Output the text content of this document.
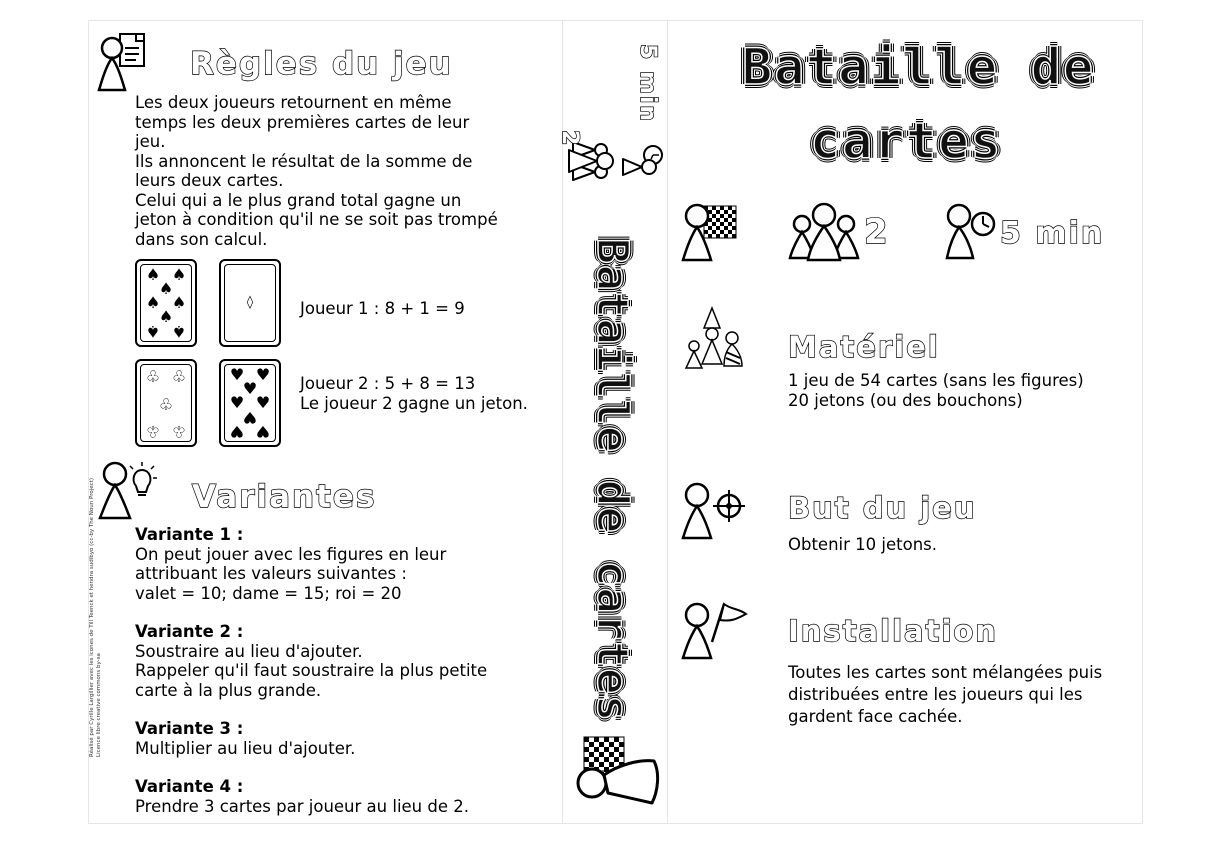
Règles du jeu
Les deux joueurs retournent en même
temps les deux premières cartes de leur
jeu.
Ils annoncent le résultat de la somme de
leurs deux cartes.
Celui qui a le plus grand total gagne un
jeton à condition qu'il ne se soit pas trompé
dans son calcul.
♠ ♠
♠
♠ ♠
♠
♠ ♠
◊	Joueur 1 : 8 + 1 = 9
♧ ♧
♧
♧ ♧
♥ ♥
♥
♥ ♥
♥
♥ ♥
Joueur 2 : 5 + 8 = 13
Le joueur 2 gagne un jeton.
Réalisé par Cyrille Largillier avec les icones de Till Teenck et hendra sudibyo (cc-by The Noun Project) Licence libre creative commons by-sa
Variantes
Variante 1 :
On peut jouer avec les figures en leur
attribuant les valeurs suivantes :
valet = 10; dame = 15; roi = 20
Variante 2 :
Soustraire au lieu d'ajouter.
Rappeler qu'il faut soustraire la plus petite
carte à la plus grande.
Variante 3 :
Multiplier au lieu d'ajouter.
Variante 4 :
Prendre 3 cartes par joueur au lieu de 2.
2
5 min
Bataille de cartes
Bataille de
cartes
2	5 min
Matériel
1 jeu de 54 cartes (sans les figures)
20 jetons (ou des bouchons)
But du jeu
Obtenir 10 jetons.
Installation
Toutes les cartes sont mélangées puis
distribuées entre les joueurs qui les
gardent face cachée.
